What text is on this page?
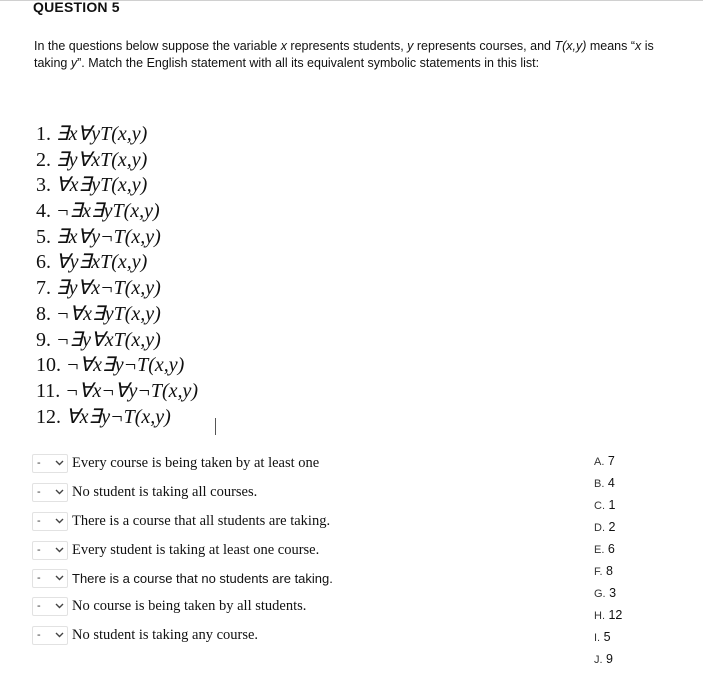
QUESTION 5
In the questions below suppose the variable x represents students, y represents courses, and T(x,y) means “x is taking y”. Match the English statement with all its equivalent symbolic statements in this list:
1. ∃x∀yT(x,y)
2. ∃y∀xT(x,y)
3. ∀x∃yT(x,y)
4. ¬∃x∃yT(x,y)
5. ∃x∀y¬T(x,y)
6. ∀y∃xT(x,y)
7. ∃y∀x¬T(x,y)
8. ¬∀x∃yT(x,y)
9. ¬∃y∀xT(x,y)
10. ¬∀x∃y¬T(x,y)
11. ¬∀x¬∀y¬T(x,y)
12. ∀x∃y¬T(x,y)
- Every course is being taken by at least one
- No student is taking all courses.
- There is a course that all students are taking.
- Every student is taking at least one course.
- There is a course that no students are taking.
- No course is being taken by all students.
- No student is taking any course.
A. 7
B. 4
C. 1
D. 2
E. 6
F. 8
G. 3
H. 12
I. 5
J. 9
